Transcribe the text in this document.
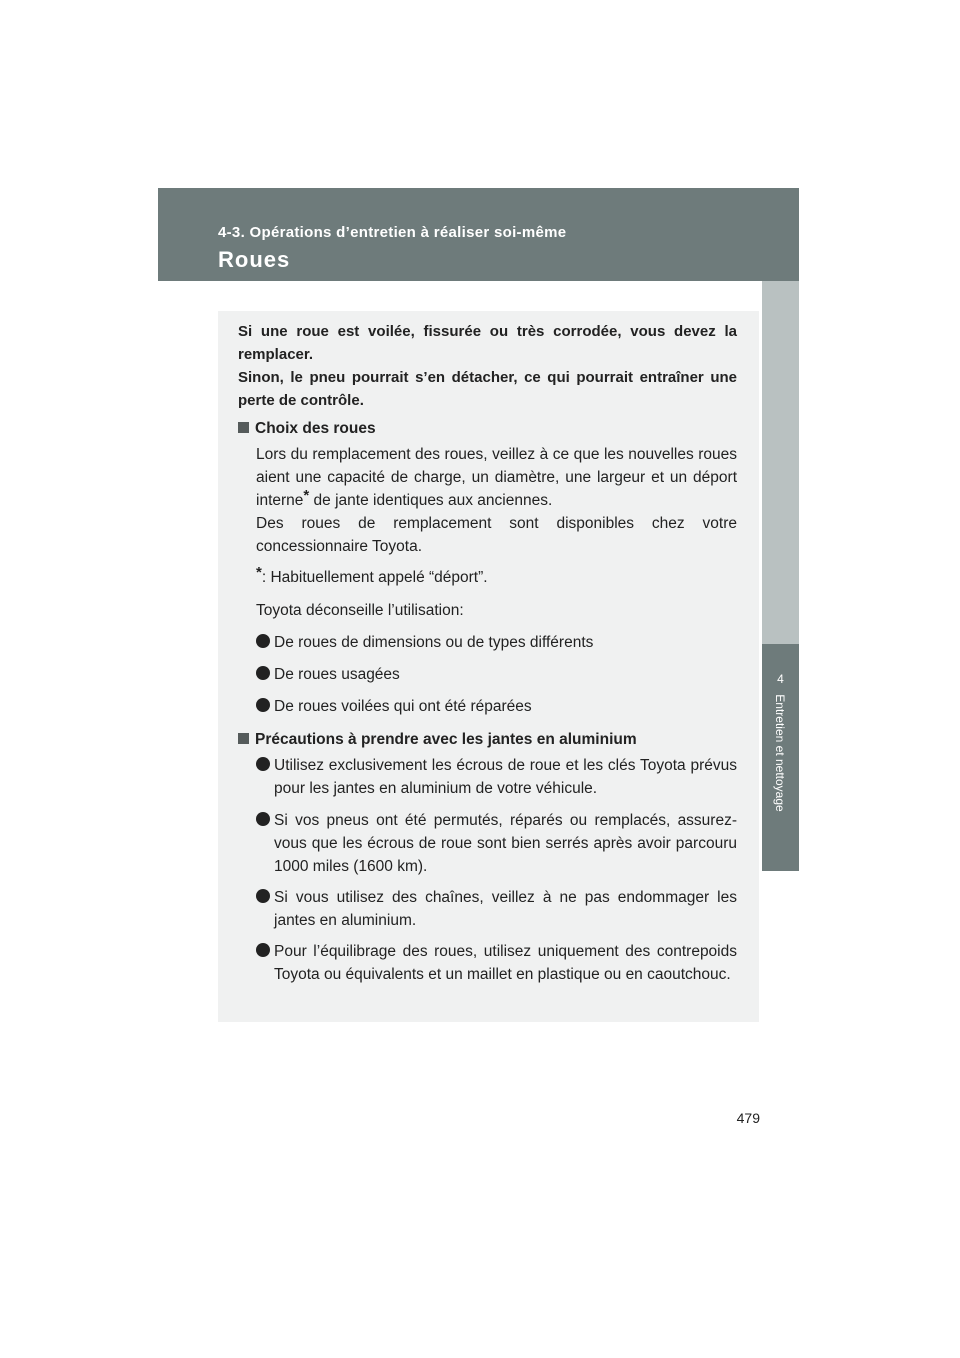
4-3. Opérations d’entretien à réaliser soi-même
Roues
4
Entretien et nettoyage

Si une roue est voilée, fissurée ou très corrodée, vous devez la remplacer.

Sinon, le pneu pourrait s’en détacher, ce qui pourrait entraîner une perte de contrôle.

Choix des roues

Lors du remplacement des roues, veillez à ce que les nouvelles roues aient une capacité de charge, un diamètre, une largeur et un déport interne* de jante identiques aux anciennes.

Des roues de remplacement sont disponibles chez votre concessionnaire Toyota.

*: Habituellement appelé “déport”.

Toyota déconseille l’utilisation:
De roues de dimensions ou de types différents
De roues usagées
De roues voilées qui ont été réparées
Précautions à prendre avec les jantes en aluminium
Utilisez exclusivement les écrous de roue et les clés Toyota prévus pour les jantes en aluminium de votre véhicule.
Si vos pneus ont été permutés, réparés ou remplacés, assurez-vous que les écrous de roue sont bien serrés après avoir parcouru 1000 miles (1600 km).
Si vous utilisez des chaînes, veillez à ne pas endommager les jantes en aluminium.
Pour l’équilibrage des roues, utilisez uniquement des contrepoids Toyota ou équivalents et un maillet en plastique ou en caoutchouc.
479
